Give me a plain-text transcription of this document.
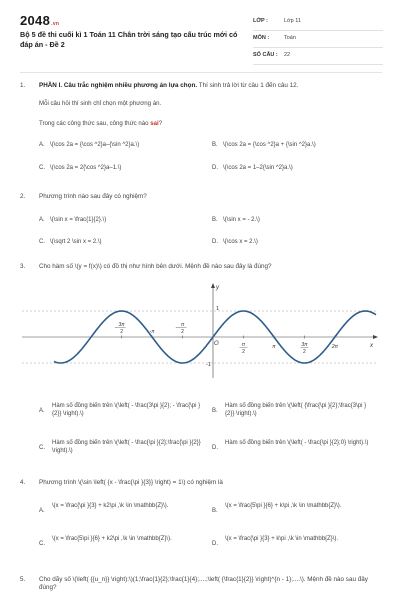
2048.vn
Bộ 5 đề thi cuối kì 1 Toán 11 Chân trời sáng tạo cấu trúc mới có đáp án - Đề 2
LỚP :	Lớp 11
MÔN :	Toán
SỐ CÂU : 22
1. PHẦN I. Câu trắc nghiệm nhiều phương án lựa chọn. Thí sinh trả lời từ câu 1 đến câu 12.
Mỗi câu hỏi thí sinh chỉ chọn một phương án.
Trong các công thức sau, công thức nào sai?
A. \(\cos 2a = {\cos ^2}a–{\sin ^2}a.\)	B. \(\cos 2a = {\cos ^2}a + {\sin ^2}a.\)
C. \(\cos 2a = 2{\cos ^2}a–1.\)	D. \(\cos 2a = 1–2{\sin ^2}a.\)
2. Phương trình nào sau đây có nghiệm?
A. \(\sin x = \frac{1}{2}.\)	B. \(\sin x = - 2.\)
C. \(\sqrt 2 \sin x = 2.\)	D. \(\cos x = 2.\)
3. Cho hàm số \(y = f(x)\) có đồ thị như hình bên dưới. Mệnh đề nào sau đây là đúng?
y
x
1
-1
O
− 3π
2	-π
− π
2
π
2
π	3π
2
2π
A.
Hàm số đồng biến trên \(\left( - \frac{3\pi }{2}; - \frac{\pi }{2}} \right).\)	B.
Hàm số đồng biến trên \(\left( {\frac{\pi }{2};\frac{3\pi }{2}} \right).\)
C.
Hàm số đồng biến trên \(\left( - \frac{\pi }{2};\frac{\pi }{2}} \right).\)	D.
Hàm số đồng biến trên \(\left( - \frac{\pi }{2};0} \right).\)
4. Phương trình \(\sin \left( {x - \frac{\pi }{3}} \right) = 1\) có nghiệm là
A.
\(x = \frac{\pi }{3} + k2\pi ,\k \in \mathbb{Z}\).
B.
\(x = \frac{5\pi }{6} + k\pi ,\k \in \mathbb{Z}\).
C.
\(x = \frac{5\pi }{6} + k2\pi ,\k \in \mathbb{Z}\).
D.
\(x = \frac{\pi }{3} + k\pi ,\k \in \mathbb{Z}\).
5. Cho dãy số \(\left( {{u_n}} \right):\)(1;\frac{1}{2};\frac{1}{4};....;\left( {\frac{1}{2}} \right)^{n - 1};....\). Mệnh đề nào sau đây đúng?
